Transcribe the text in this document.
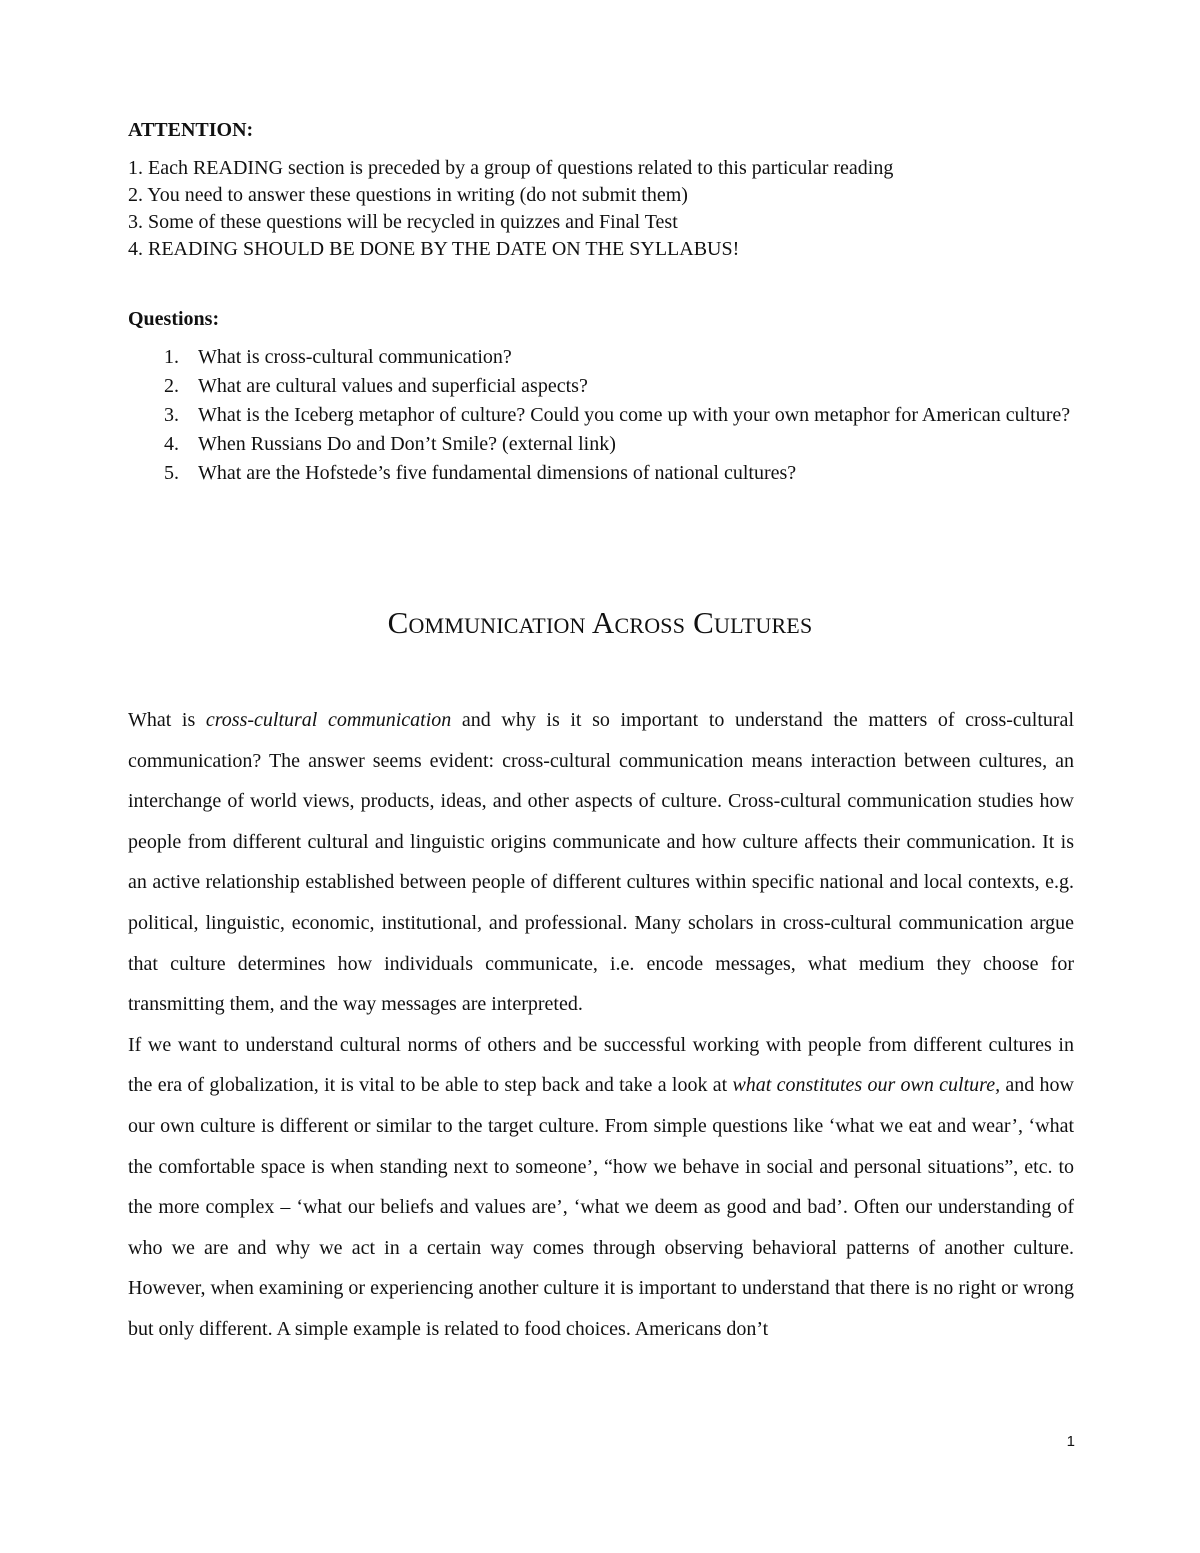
ATTENTION:
1. Each READING section is preceded by a group of questions related to this particular reading
2. You need to answer these questions in writing (do not submit them)
3. Some of these questions will be recycled in quizzes and Final Test
4. READING SHOULD BE DONE BY THE DATE ON THE SYLLABUS!
Questions:
1. What is cross-cultural communication?
2. What are cultural values and superficial aspects?
3. What is the Iceberg metaphor of culture? Could you come up with your own metaphor for American culture?
4. When Russians Do and Don’t Smile? (external link)
5. What are the Hofstede’s five fundamental dimensions of national cultures?
Communication Across Cultures

What is cross-cultural communication and why is it so important to understand the matters of cross-cultural communication? The answer seems evident: cross-cultural communication means interaction between cultures, an interchange of world views, products, ideas, and other aspects of culture. Cross-cultural communication studies how people from different cultural and linguistic origins communicate and how culture affects their communication. It is an active relationship established between people of different cultures within specific national and local contexts, e.g. political, linguistic, economic, institutional, and professional. Many scholars in cross-cultural communication argue that culture determines how individuals communicate, i.e. encode messages, what medium they choose for transmitting them, and the way messages are interpreted.

If we want to understand cultural norms of others and be successful working with people from different cultures in the era of globalization, it is vital to be able to step back and take a look at what constitutes our own culture, and how our own culture is different or similar to the target culture. From simple questions like ‘what we eat and wear’, ‘what the comfortable space is when standing next to someone’, “how we behave in social and personal situations”, etc. to the more complex – ‘what our beliefs and values are’, ‘what we deem as good and bad’. Often our understanding of who we are and why we act in a certain way comes through observing behavioral patterns of another culture. However, when examining or experiencing another culture it is important to understand that there is no right or wrong but only different. A simple example is related to food choices. Americans don’t

1
